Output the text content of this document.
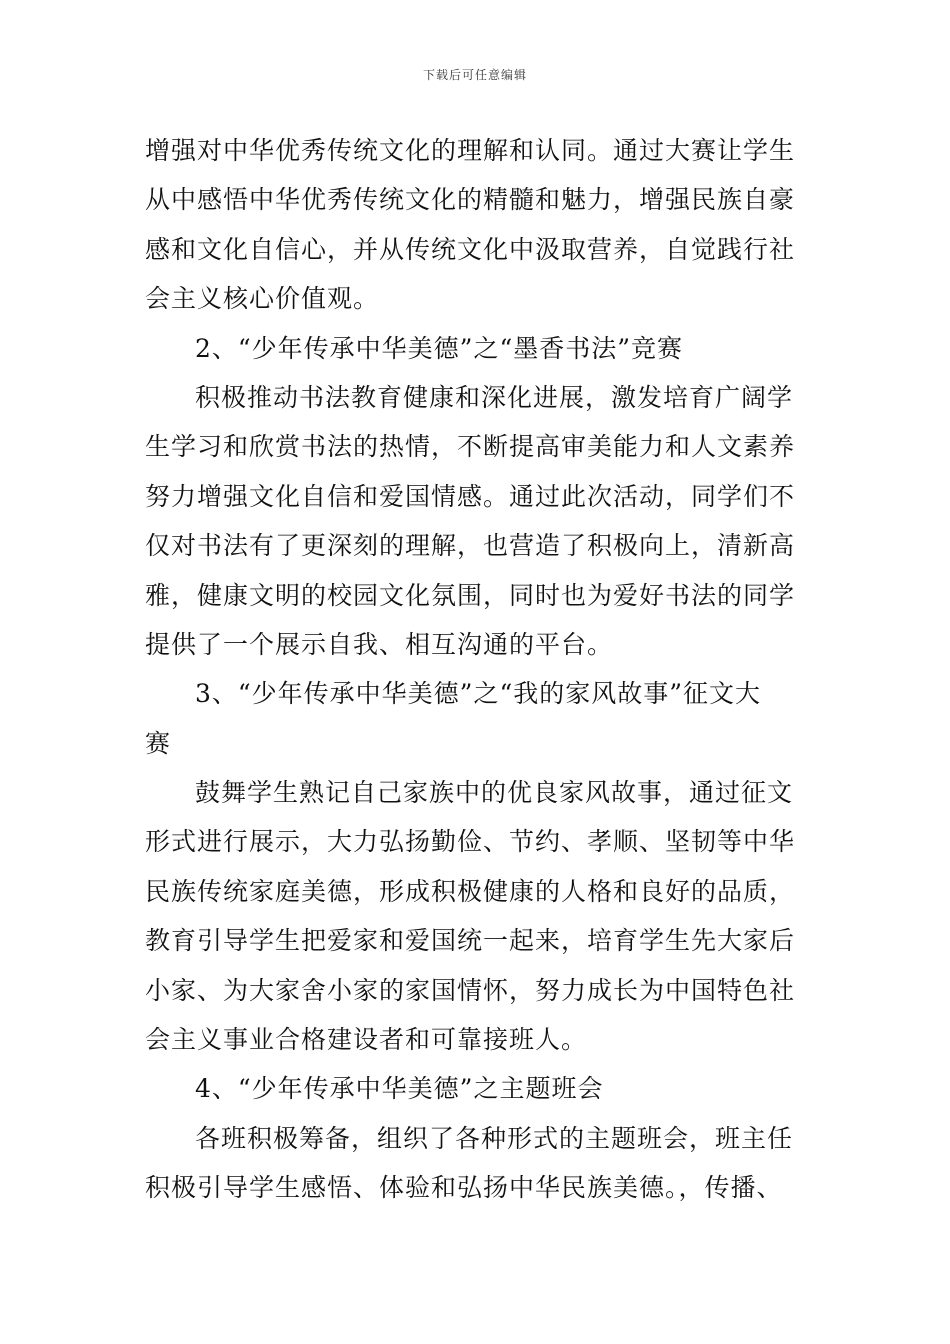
下载后可任意编辑
增强对中华优秀传统文化的理解和认同。通过大赛让学生
从中感悟中华优秀传统文化的精髓和魅力，增强民族自豪
感和文化自信心，并从传统文化中汲取营养，自觉践行社
会主义核心价值观。
2、“少年传承中华美德”之“墨香书法”竞赛
积极推动书法教育健康和深化进展，激发培育广阔学
生学习和欣赏书法的热情，不断提高审美能力和人文素养
努力增强文化自信和爱国情感。通过此次活动，同学们不
仅对书法有了更深刻的理解，也营造了积极向上，清新高
雅，健康文明的校园文化氛围，同时也为爱好书法的同学
提供了一个展示自我、相互沟通的平台。
3、“少年传承中华美德”之“我的家风故事”征文大
赛
鼓舞学生熟记自己家族中的优良家风故事，通过征文
形式进行展示，大力弘扬勤俭、节约、孝顺、坚韧等中华
民族传统家庭美德，形成积极健康的人格和良好的品质，
教育引导学生把爱家和爱国统一起来，培育学生先大家后
小家、为大家舍小家的家国情怀，努力成长为中国特色社
会主义事业合格建设者和可靠接班人。
4、“少年传承中华美德”之主题班会
各班积极筹备，组织了各种形式的主题班会，班主任
积极引导学生感悟、体验和弘扬中华民族美德。，传播、
